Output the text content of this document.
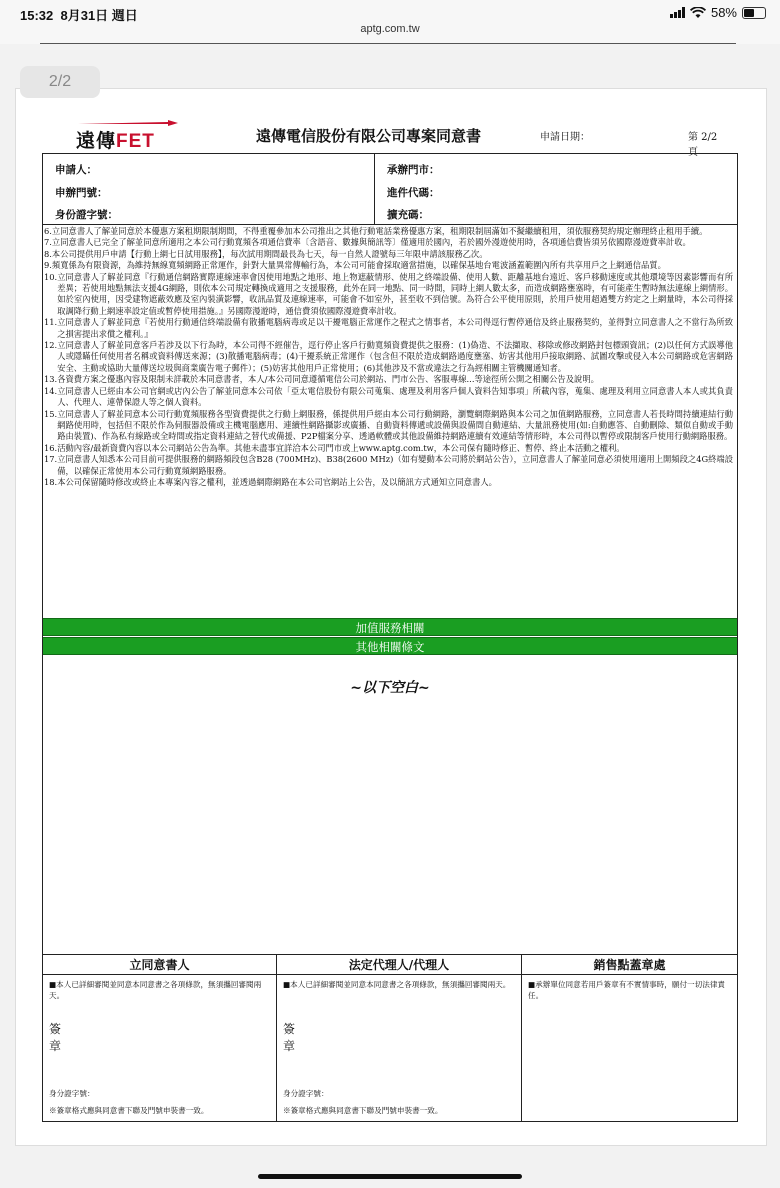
15:32 8月31日 週日
aptg.com.tw
58%
2/2
遠傳FET	遠傳電信股份有限公司專案同意書	申請日期：	第 2/2 頁
申請人：
申辦門號：
身份證字號：
承辦門市：
進件代碼：
擴充碼：
6. 立同意書人了解並同意於本優惠方案租期限制期間，不得重覆參加本公司推出之其他行動電話業務優惠方案，租期限制屆滿如不擬繼續租用，須依服務契約規定辦理終止租用手續。
7. 立同意書人已完全了解並同意所適用之本公司行動寬頻各項通信費率〔含語音、數據與簡訊等〕僅適用於國內，若於國外漫遊使用時，各項通信費皆須另依國際漫遊費率計收。
8. 本公司提供用戶申請【行動上網七日試用服務】，每次試用期間最長為七天，每一自然人證號每三年限申請該服務乙次。
9. 頻寬係為有限資源，為維持無線寬頻網路正常運作，針對大量異常傳輸行為，本公司可能會採取適當措施，以確保基地台電波涵蓋範圍內所有共享用戶之上網通信品質。
10. 立同意書人了解並同意『行動通信網路實際連線速率會因使用地點之地形、地上物遮蔽情形、使用之終端設備、使用人數、距離基地台遠近、客戶移動速度或其他環境等因素影響而有所差異；若使用地點無法支援4G網路，則依本公司規定轉換成適用之支援服務，此外在同一地點、同一時間，同時上網人數太多，而造成網路壅塞時，有可能產生暫時無法連線上網情形。如於室內使用，因受建物遮蔽效應及室內裝潢影響，收訊品質及連線速率，可能會不如室外，甚至收不到信號。為符合公平使用原則，於用戶使用超過雙方約定之上網量時，本公司得採取調降行動上網速率設定值或暫停使用措施。』另國際漫遊時，通信費須依國際漫遊費率計收。
11. 立同意書人了解並同意『若使用行動通信終端設備有散播電腦病毒或足以干擾電腦正常運作之程式之情事者，本公司得逕行暫停通信及終止服務契約，並得對立同意書人之不當行為所致之損害提出求償之權利。』
12. 立同意書人了解並同意客戶若涉及以下行為時，本公司得不經催告，逕行停止客戶行動寬頻資費提供之服務：(1)偽造、不法擷取、移除或修改網路封包標頭資訊；(2)以任何方式誤導他人或隱瞞任何使用者名稱或資料傳送來源；(3)散播電腦病毒；(4)干擾系統正常運作（包含但不限於造成網路過度壅塞、妨害其他用戶接取網路、試圖攻擊或侵入本公司網路或危害網路安全、主動或協助大量傳送垃圾與商業廣告電子郵件）；(5)妨害其他用戶正常使用；(6)其他涉及不當或違法之行為經相關主管機關通知者。
13. 各資費方案之優惠內容及限制未詳載於本同意書者，本人/本公司同意遵循電信公司於網站、門市公告、客服專線...等途徑所公開之相關公告及說明。
14. 立同意書人已經由本公司官網或店內公告了解並同意本公司依「亞太電信股份有限公司蒐集、處理及利用客戶個人資料告知事項」所載內容，蒐集、處理及利用立同意書人本人或其負責人、代理人、連帶保證人等之個人資料。
15. 立同意書人了解並同意本公司行動寬頻服務各型資費提供之行動上網服務，係提供用戶經由本公司行動網路，瀏覽網際網路與本公司之加值網路服務，立同意書人若長時間持續連結行動網路使用時，包括但不限於作為伺服器設備或主機電腦應用、連續性網路攝影或廣播、自動資料傳遞或設備與設備間自動連結、大量訊務使用(如:自動應答、自動刪除、類似自動或手動路由裝置)、作為私有線路或全時間或指定資料連結之替代或備援、P2P檔案分享、透過軟體或其他設備維持網路連續有效連結等情形時，本公司得以暫停或限制客戶使用行動網路服務。
16. 活動內容/最新資費內容以本公司網站公告為準。其他未盡事宜詳洽本公司門市或上www.aptg.com.tw，本公司保有隨時修正、暫停、終止本活動之權利。
17. 立同意書人知悉本公司目前可提供服務的網路頻段包含B28 (700MHz)、B38(2600 MHz)（如有變動本公司將於網站公告），立同意書人了解並同意必須使用適用上開頻段之4G終端設備，以確保正常使用本公司行動寬頻網路服務。
18. 本公司保留隨時修改或終止本專案內容之權利，並透過網際網路在本公司官網站上公告，及以簡訊方式通知立同意書人。
加值服務相關
其他相關條文
~以下空白~
立同意書人
■本人已詳細審閱並同意本同意書之各項條款，無須攜回審閱兩天。
簽
章
身分證字號：
※簽章格式應與同意書下聯及門號申裝書一致。
法定代理人/代理人
■本人已詳細審閱並同意本同意書之各項條款，無須攜回審閱兩天。
簽
章
身分證字號：
※簽章格式應與同意書下聯及門號申裝書一致。
銷售點蓋章處
■承辦單位同意若用戶簽章有不實情事時，願付一切法律責任。
